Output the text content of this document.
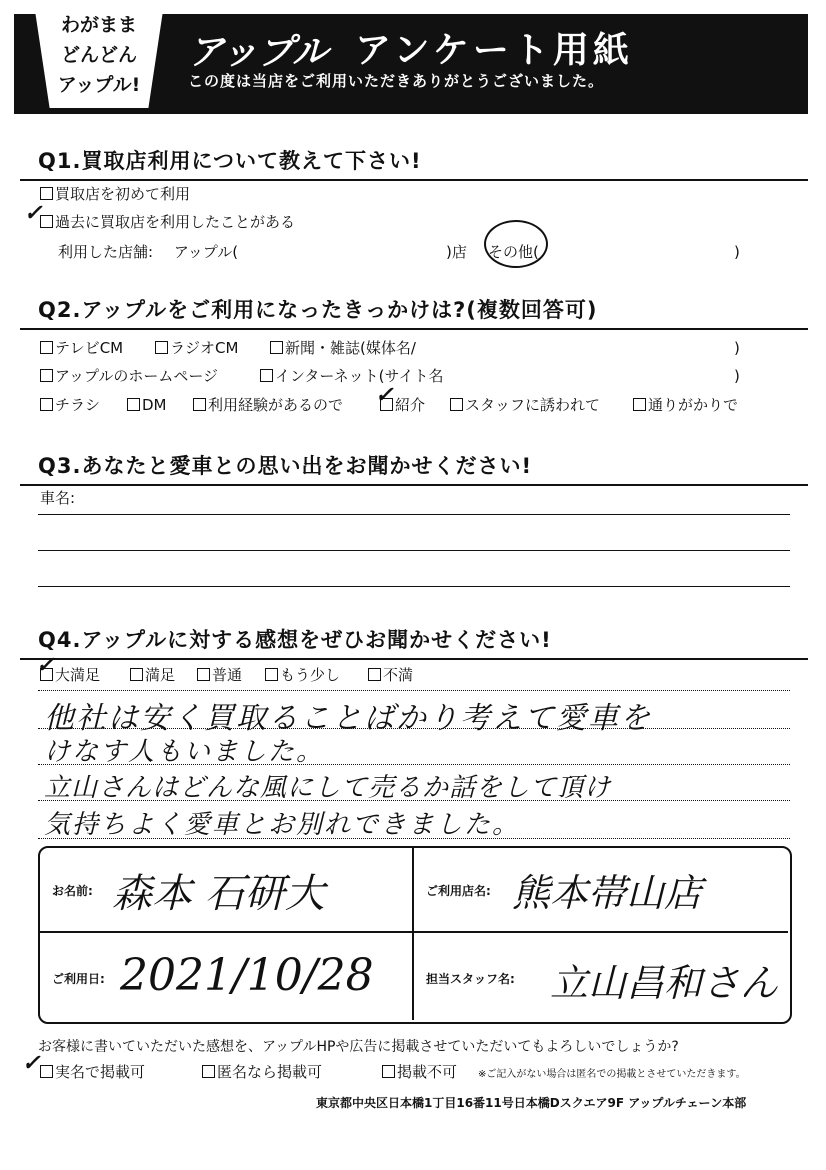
わがまま
どんどん
アップル!
アップル アンケート用紙
この度は当店をご利用いただきありがとうございました。
Q1.買取店利用について教えて下さい!
買取店を初めて利用
過去に買取店を利用したことがある
✓
利用した店舗: アップル(	)店 その他(	)
Q2.アップルをご利用になったきっかけは?(複数回答可)
テレビCM	ラジオCM	新聞・雑誌(媒体名/	)
アップルのホームページ	インターネット(サイト名	)
チラシ	DM	利用経験があるので	紹介
✓	スタッフに誘われて	通りがかりで
Q3.あなたと愛車との思い出をお聞かせください!
車名:
Q4.アップルに対する感想をぜひお聞かせください!
大満足
✓	満足	普通	もう少し	不満
他社は安く買取ることばかり考えて愛車を
けなす人もいました。
立山さんはどんな風にして売るか話をして頂け
気持ちよく愛車とお別れできました。
お名前: 森本 石研大	ご利用店名: 熊本帯山店
ご利用日: 2021/10/28	担当スタッフ名: 立山昌和さん
お客様に書いていただいた感想を、アップルHPや広告に掲載させていただいてもよろしいでしょうか?
✓ 実名で掲載可	匿名なら掲載可	掲載不可 ※ご記入がない場合は匿名での掲載とさせていただきます。
東京都中央区日本橋1丁目16番11号日本橋Dスクエア9F アップルチェーン本部
